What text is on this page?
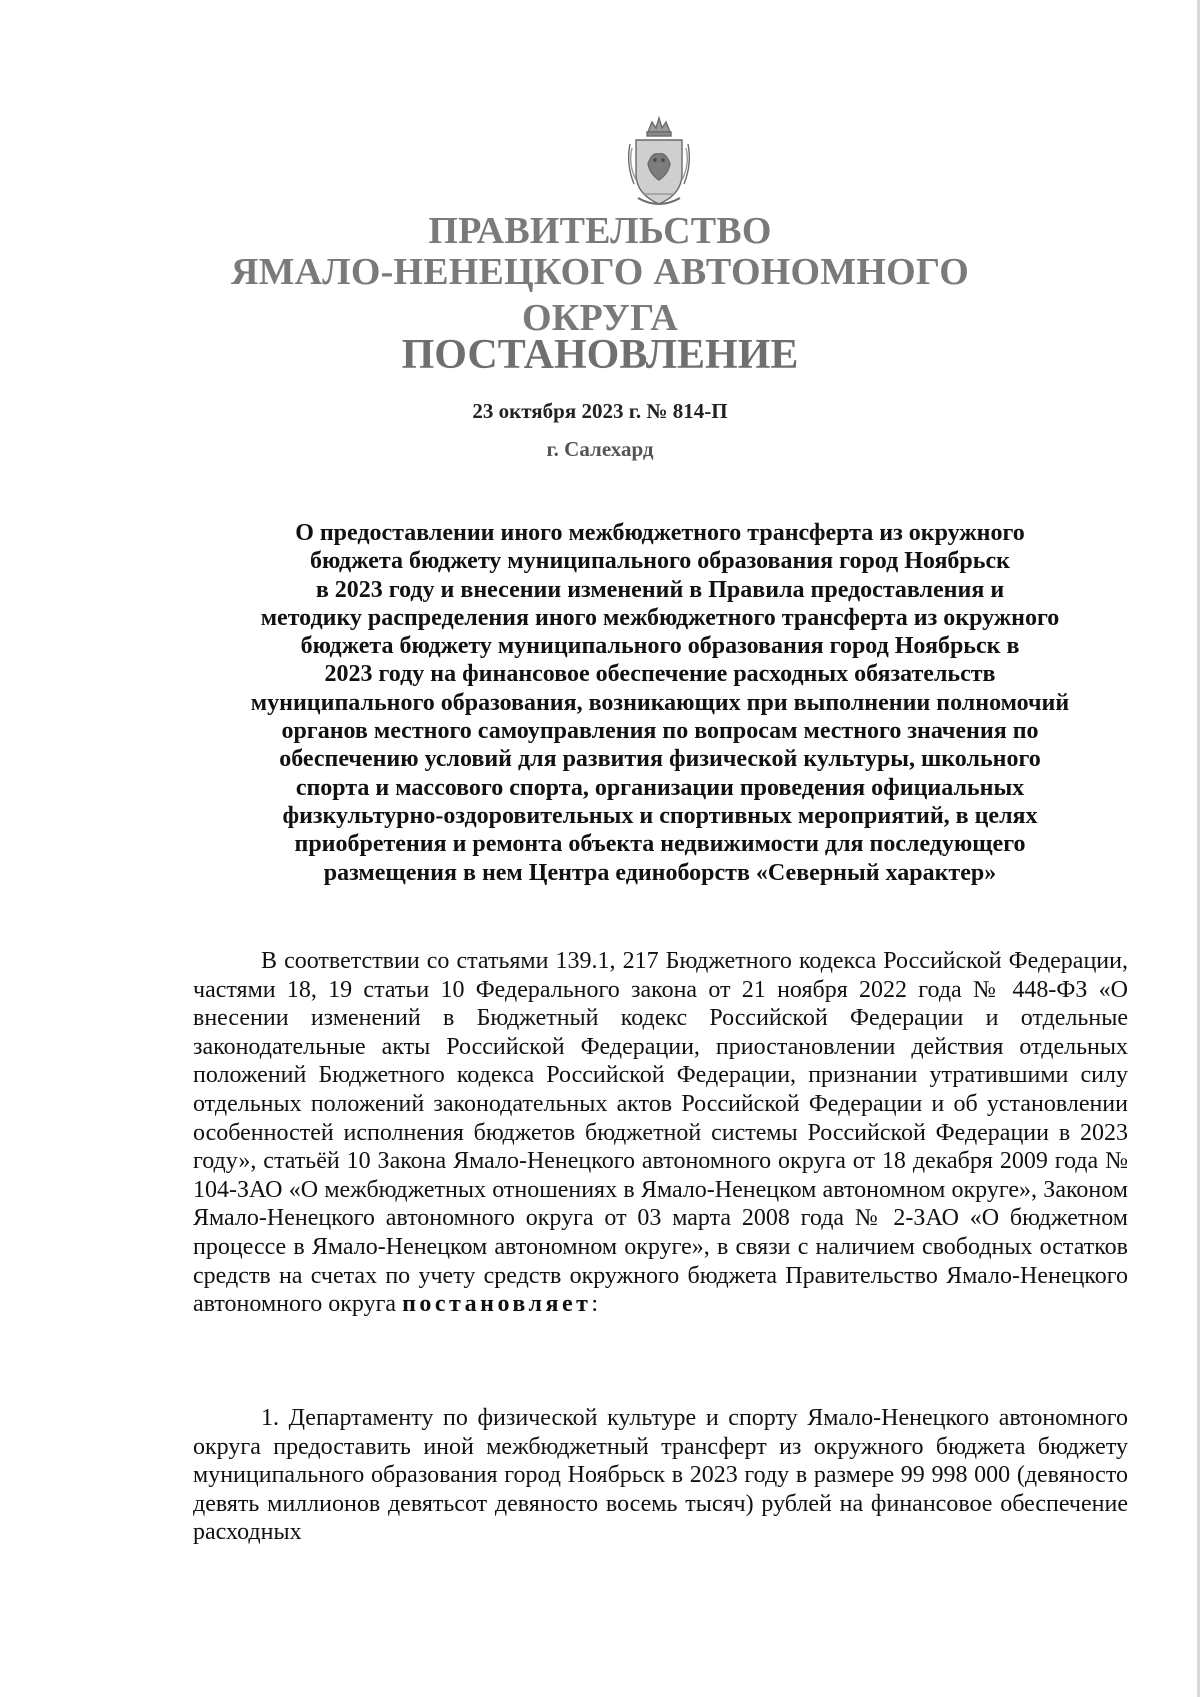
ПРАВИТЕЛЬСТВО

ЯМАЛО-НЕНЕЦКОГО АВТОНОМНОГО ОКРУГА

ПОСТАНОВЛЕНИЕ

23 октября 2023 г. № 814-П

г. Салехард

О предоставлении иного межбюджетного трансферта из окружного
бюджета бюджету муниципального образования город Ноябрьск
в 2023 году и внесении изменений в Правила предоставления и
методику распределения иного межбюджетного трансферта из окружного
бюджета бюджету муниципального образования город Ноябрьск в
2023 году на финансовое обеспечение расходных обязательств
муниципального образования, возникающих при выполнении полномочий
органов местного самоуправления по вопросам местного значения по
обеспечению условий для развития физической культуры, школьного
спорта и массового спорта, организации проведения официальных
физкультурно-оздоровительных и спортивных мероприятий, в целях
приобретения и ремонта объекта недвижимости для последующего
размещения в нем Центра единоборств «Северный характер»

В соответствии со статьями 139.1, 217 Бюджетного кодекса Российской Федерации, частями 18, 19 статьи 10 Федерального закона от 21 ноября 2022 года № 448-ФЗ «О внесении изменений в Бюджетный кодекс Российской Федерации и отдельные законодательные акты Российской Федерации, приостановлении действия отдельных положений Бюджетного кодекса Российской Федерации, признании утратившими силу отдельных положений законодательных актов Российской Федерации и об установлении особенностей исполнения бюджетов бюджетной системы Российской Федерации в 2023 году», статьёй 10 Закона Ямало-Ненецкого автономного округа от 18 декабря 2009 года № 104-ЗАО «О межбюджетных отношениях в Ямало-Ненецком автономном округе», Законом Ямало-Ненецкого автономного округа от 03 марта 2008 года № 2-ЗАО «О бюджетном процессе в Ямало-Ненецком автономном округе», в связи с наличием свободных остатков средств на счетах по учету средств окружного бюджета Правительство Ямало-Ненецкого автономного округа постановляет:

1. Департаменту по физической культуре и спорту Ямало-Ненецкого автономного округа предоставить иной межбюджетный трансферт из окружного бюджета бюджету муниципального образования город Ноябрьск в 2023 году в размере 99 998 000 (девяносто девять миллионов девятьсот девяносто восемь тысяч) рублей на финансовое обеспечение расходных
